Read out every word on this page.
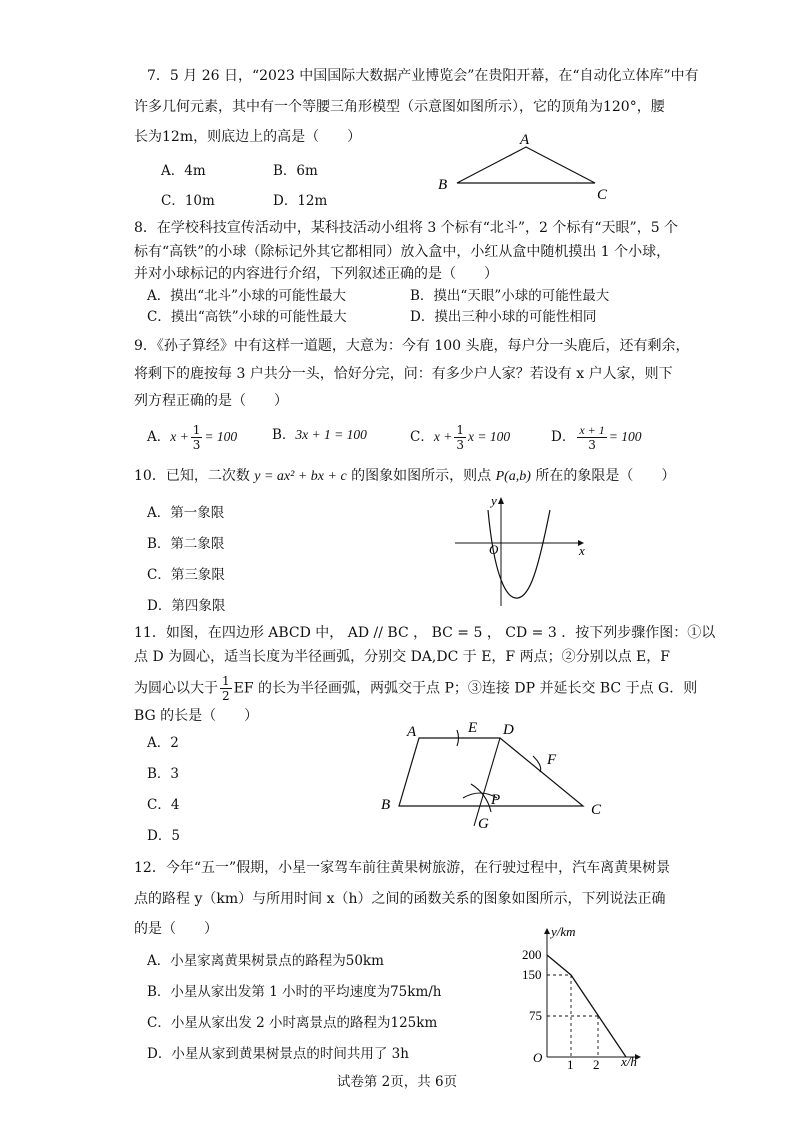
7．5 月 26 日，“2023 中国国际大数据产业博览会”在贵阳开幕，在“自动化立体库”中有
许多几何元素，其中有一个等腰三角形模型（示意图如图所示），它的顶角为120°，腰
长为12m，则底边上的高是（　　）
A．4m	B．6m
C．10m	D．12m
A
B
C
8．在学校科技宣传活动中，某科技活动小组将 3 个标有“北斗”，2 个标有“天眼”，5 个
标有“高铁”的小球（除标记外其它都相同）放入盒中，小红从盒中随机摸出 1 个小球，
并对小球标记的内容进行介绍，下列叙述正确的是（　　）
A．摸出“北斗”小球的可能性最大	B．摸出“天眼”小球的可能性最大
C．摸出“高铁”小球的可能性最大	D．摸出三种小球的可能性相同
9．《孙子算经》中有这样一道题，大意为：今有 100 头鹿，每户分一头鹿后，还有剩余，
将剩下的鹿按每 3 户共分一头，恰好分完，问：有多少户人家？若设有 x 户人家，则下
列方程正确的是（　　）
A．$x + \frac{1}{3} = 100$	B．3x + 1 = 100	C．$x + \frac{1}{3}$ x = 100	D． $\frac{x + 1}{3} = 100$
10．已知，二次数 y = ax² + bx + c 的图象如图所示，则点 P(a,b) 所在的象限是（　　）
A．第一象限
B．第二象限
C．第三象限
D．第四象限
y
x
O
11．如图，在四边形 ABCD 中， AD // BC ， BC = 5 ， CD = 3 ．按下列步骤作图：①以
点 D 为圆心，适当长度为半径画弧，分别交 DA,DC 于 E，F 两点；②分别以点 E，F
为圆心以大于 $\frac{1}{2}$ EF 的长为半径画弧，两弧交于点 P；③连接 DP 并延长交 BC 于点 G．则
BG 的长是（　　）
A．2
B．3
C．4
D．5
A
B	C
D
E
F
P
G
12．今年“五一”假期，小星一家驾车前往黄果树旅游，在行驶过程中，汽车离黄果树景
点的路程 y（km）与所用时间 x（h）之间的函数关系的图象如图所示，下列说法正确
的是（　　）
A．小星家离黄果树景点的路程为50km
B．小星从家出发第 1 小时的平均速度为75km/h
C．小星从家出发 2 小时离景点的路程为125km
D．小星从家到黄果树景点的时间共用了 3h
y/km
x/h
O
200
150
75
1 2
试卷第 2页，共 6页
